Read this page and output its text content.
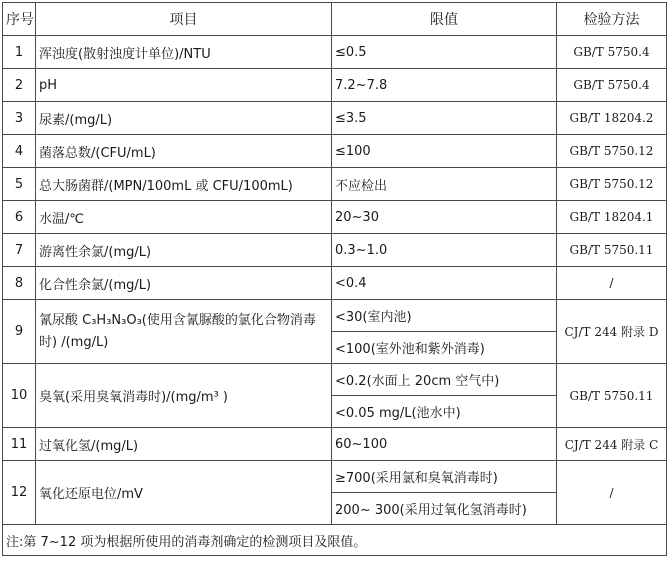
序号	项目	限值	检验方法
1	浑浊度(散射浊度计单位)/NTU	≤0.5	GB/T 5750.4
2	pH	7.2~7.8	GB/T 5750.4
3	尿素/(mg/L)	≤3.5	GB/T 18204.2
4	菌落总数/(CFU/mL)	≤100	GB/T 5750.12
5	总大肠菌群/(MPN/100mL 或 CFU/100mL)	不应检出	GB/T 5750.12
6	水温/℃	20~30	GB/T 18204.1
7	游离性余氯/(mg/L)	0.3~1.0	GB/T 5750.11
8	化合性余氯/(mg/L)	<0.4	/
9	氰尿酸 C₃H₃N₃O₃(使用含氰脲酸的氯化合物消毒时) /(mg/L)	<30(室内池)	CJ/T 244 附录 D
		<100(室外池和紫外消毒)	
10	臭氧(采用臭氧消毒时)/(mg/m³ )	<0.2(水面上 20cm 空气中)	GB/T 5750.11
		<0.05 mg/L(池水中)	
11	过氧化氢/(mg/L)	60~100	CJ/T 244 附录 C
12	氧化还原电位/mV	≥700(采用氯和臭氧消毒时)	/
		200~ 300(采用过氧化氢消毒时)	
注:第 7~12 项为根据所使用的消毒剂确定的检测项目及限值。			
